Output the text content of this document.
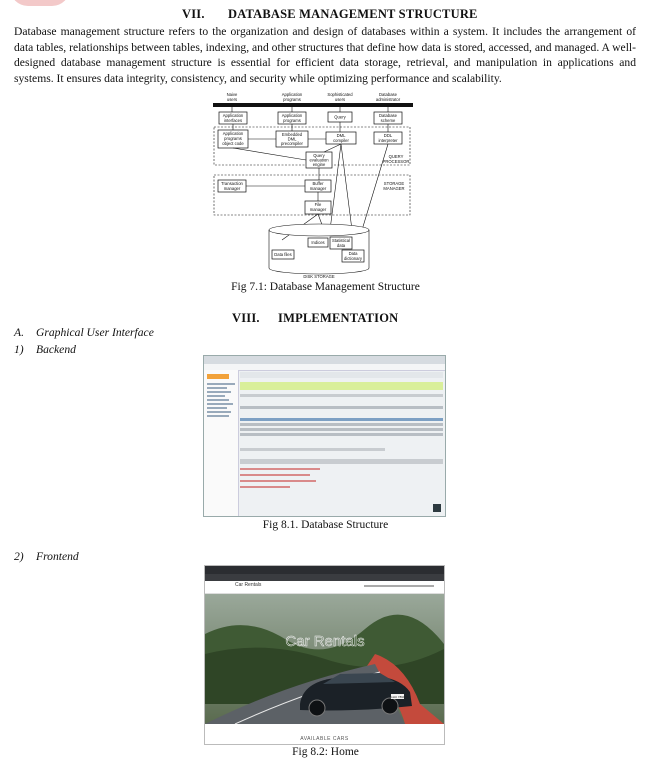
VII. DATABASE MANAGEMENT STRUCTURE
Database management structure refers to the organization and design of databases within a system. It includes the arrangement of data tables, relationships between tables, indexing, and other structures that define how data is stored, accessed, and managed. A well-designed database management structure is essential for efficient data storage, retrieval, and manipulation in applications and systems. It ensures data integrity, consistency, and security while optimizing performance and scalability.
Naive
users
Application
programs
Sophisticated
users
Database
administrator
Application
interfaces
Application
programs
Query	Database
scheme
Application
programs
object code
Embedded
DML
precompiler
DML
compiler
DDL
interpreter
Query
evaluation
engine
QUERY
PROCESSOR
Transaction
manager
Buffer
manager
STORAGE
MANAGER
File
manager
Data files
Indices Statistical
data
Data
dictionary
DISK STORAGE
Fig 7.1: Database Management Structure
VIII. IMPLEMENTATION
A. Graphical User Interface
1) Backend
Fig 8.1. Database Structure
2) Frontend
Car Rentals
Car Rentals
GHU 7890
AVAILABLE CARS
Fig 8.2: Home
